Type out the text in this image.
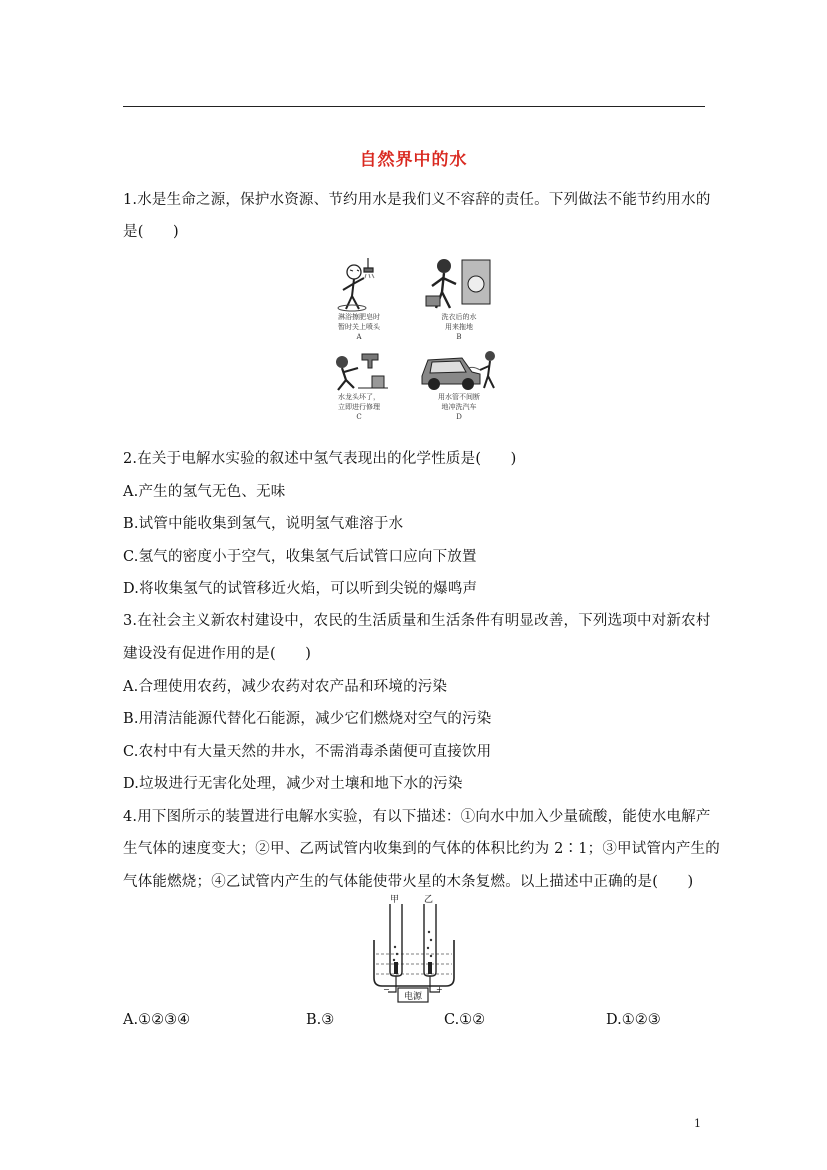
自然界中的水
1.水是生命之源，保护水资源、节约用水是我们义不容辞的责任。下列做法不能节约用水的
是(　　)
淋浴擦肥皂时
暂时关上喷头
A
洗衣后的水
用来拖地
B
水龙头坏了，
立即进行修理
C
用水管不间断
地冲洗汽车
D
2.在关于电解水实验的叙述中氢气表现出的化学性质是(　　)
A.产生的氢气无色、无味
B.试管中能收集到氢气，说明氢气难溶于水
C.氢气的密度小于空气，收集氢气后试管口应向下放置
D.将收集氢气的试管移近火焰，可以听到尖锐的爆鸣声
3.在社会主义新农村建设中，农民的生活质量和生活条件有明显改善，下列选项中对新农村
建设没有促进作用的是(　　)
A.合理使用农药，减少农药对农产品和环境的污染
B.用清洁能源代替化石能源，减少它们燃烧对空气的污染
C.农村中有大量天然的井水，不需消毒杀菌便可直接饮用
D.垃圾进行无害化处理，减少对土壤和地下水的污染
4.用下图所示的装置进行电解水实验，有以下描述：①向水中加入少量硫酸，能使水电解产
生气体的速度变大；②甲、乙两试管内收集到的气体的体积比约为 2∶1；③甲试管内产生的
气体能燃烧；④乙试管内产生的气体能使带火星的木条复燃。以上描述中正确的是(　　)
甲	乙
电源
−	+
A.①②③④	B.③	C.①②	D.①②③
1
